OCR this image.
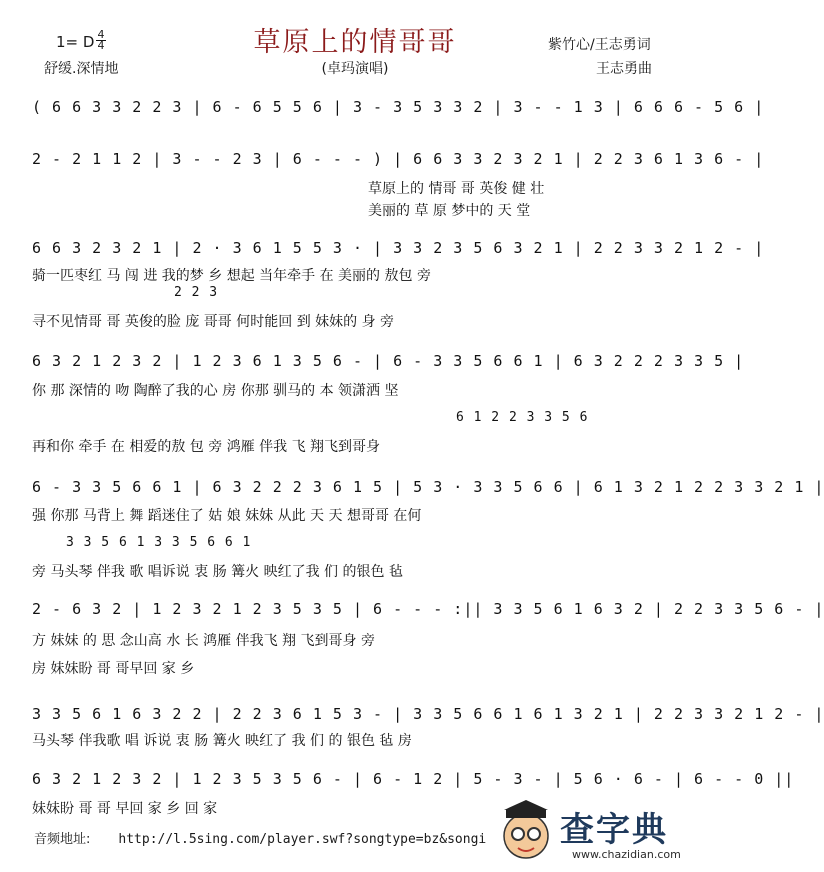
草原上的情哥哥
1= D 4
4
舒缓.深情地	(卓玛演唱)
紫竹心/王志勇词
王志勇曲
( 6 6 3 3 2 2 3 | 6 - 6 5 5 6 | 3 - 3 5 3 3 2 | 3 - - 1 3 | 6 6 6 - 5 6 |
2 - 2 1 1 2 | 3 - - 2 3 | 6 - - - ) | 6 6 3 3 2 3 2 1 | 2 2 3 6 1 3 6 - |
草原上的 情哥 哥 英俊 健 壮
美丽的 草 原 梦中的 天 堂
6 6 3 2 3 2 1 | 2 · 3 6 1 5 5 3 · | 3 3 2 3 5 6 3 2 1 | 2 2 3 3 2 1 2 - |
骑一匹枣红 马 闯 进 我的梦 乡 想起 当年牵手 在 美丽的 敖包 旁
2 2 3
寻不见情哥 哥 英俊的脸 庞 哥哥 何时能回 到 妹妹的 身 旁
6 3 2 1 2 3 2 | 1 2 3 6 1 3 5 6 - | 6 - 3 3 5 6 6 1 | 6 3 2 2 2 3 3 5 |
你 那 深情的 吻 陶醉了我的心 房 你那 驯马的 本 领潇洒 坚
6 1 2 2 3 3 5 6
再和你 牵手 在 相爱的敖 包 旁 鸿雁 伴我 飞 翔飞到哥身
6 - 3 3 5 6 6 1 | 6 3 2 2 2 3 6 1 5 | 5 3 · 3 3 5 6 6 | 6 1 3 2 1 2 2 3 3 2 1 |
强 你那 马背上 舞 蹈迷住了 姑 娘 妹妹 从此 天 天 想哥哥 在何
3 3 5 6 1 3 3 5 6 6 1
旁 马头琴 伴我 歌 唱诉说 衷 肠 篝火 映红了我 们 的银色 毡
2 - 6 3 2 | 1 2 3 2 1 2 3 5 3 5 | 6 - - - :|| 3 3 5 6 1 6 3 2 | 2 2 3 3 5 6 - |
方 妹妹 的 思 念山高 水 长 鸿雁 伴我飞 翔 飞到哥身 旁
房 妹妹盼 哥 哥早回 家 乡
3 3 5 6 1 6 3 2 2 | 2 2 3 6 1 5 3 - | 3 3 5 6 6 1 6 1 3 2 1 | 2 2 3 3 2 1 2 - |
马头琴 伴我歌 唱 诉说 衷 肠 篝火 映红了 我 们 的 银色 毡 房
6 3 2 1 2 3 2 | 1 2 3 5 3 5 6 - | 6 - 1 2 | 5 - 3 - | 5 6 · 6 - | 6 - - 0 ||
妹妹盼 哥 哥 早回 家 乡 回 家
音频地址: http://l.5sing.com/player.swf?songtype=bz&songi 查字典
www.chazidian.com
